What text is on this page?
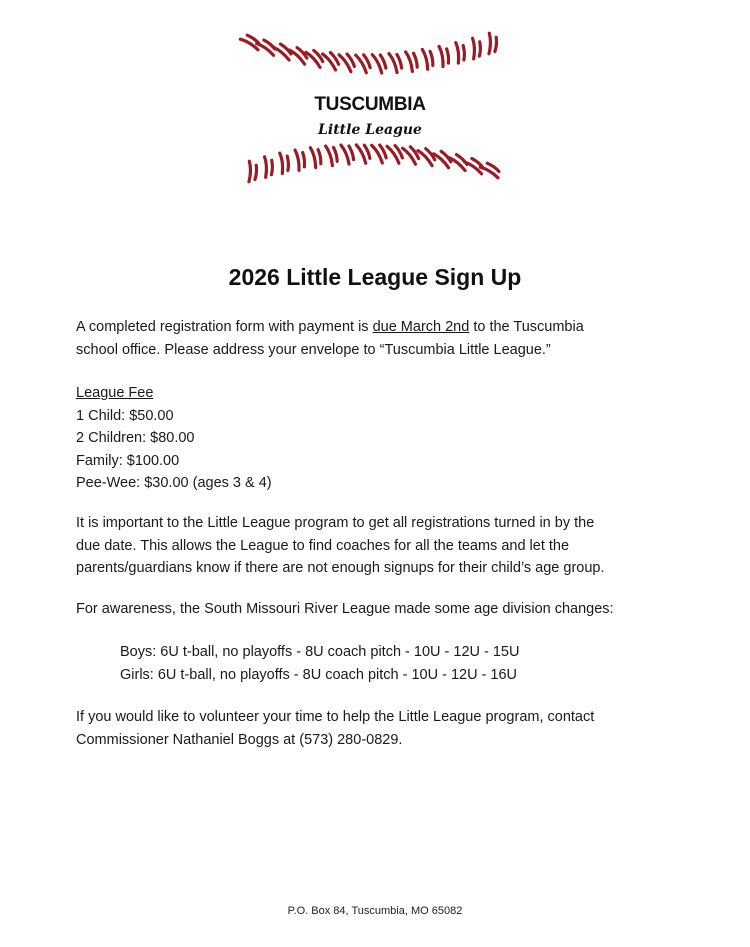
TUSCUMBIA
Little League
2026 Little League Sign Up
A completed registration form with payment is due March 2nd to the Tuscumbia
school office. Please address your envelope to “Tuscumbia Little League.”
League Fee
1 Child: $50.00
2 Children: $80.00
Family: $100.00
Pee-Wee: $30.00 (ages 3 & 4)
It is important to the Little League program to get all registrations turned in by the
due date. This allows the League to find coaches for all the teams and let the
parents/guardians know if there are not enough signups for their child’s age group.
For awareness, the South Missouri River League made some age division changes:
Boys: 6U t-ball, no playoffs - 8U coach pitch - 10U - 12U - 15U
Girls: 6U t-ball, no playoffs - 8U coach pitch - 10U - 12U - 16U
If you would like to volunteer your time to help the Little League program, contact
Commissioner Nathaniel Boggs at (573) 280-0829.
P.O. Box 84, Tuscumbia, MO 65082
